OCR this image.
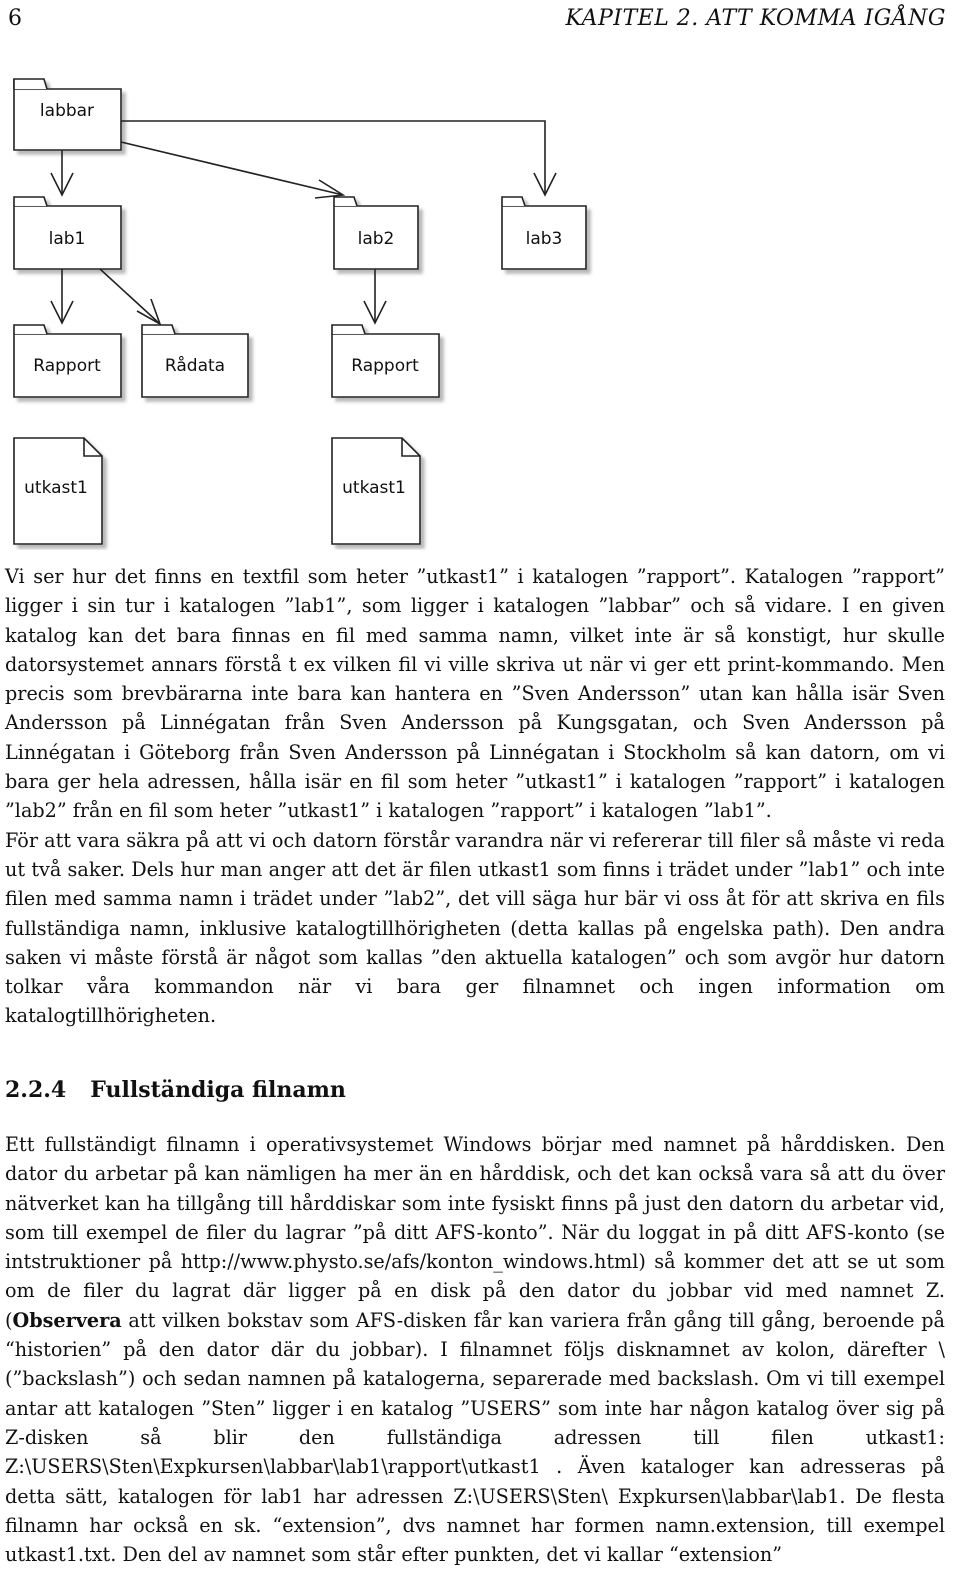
6	KAPITEL 2. ATT KOMMA IGÅNG
labbar
lab1	lab2	lab3
Rapport	Rådata	Rapport
utkast1	utkast1

Vi ser hur det finns en textfil som heter ”utkast1” i katalogen ”rapport”. Katalogen ”rapport” ligger i sin tur i katalogen ”lab1”, som ligger i katalogen ”labbar” och så vidare. I en given katalog kan det bara finnas en fil med samma namn, vilket inte är så konstigt, hur skulle datorsystemet annars förstå t ex vilken fil vi ville skriva ut när vi ger ett print-kommando. Men precis som brevbärarna inte bara kan hantera en ”Sven Andersson” utan kan hålla isär Sven Andersson på Linnégatan från Sven Andersson på Kungsgatan, och Sven Andersson på Linnégatan i Göteborg från Sven Andersson på Linnégatan i Stockholm så kan datorn, om vi bara ger hela adressen, hålla isär en fil som heter ”utkast1” i katalogen ”rapport” i katalogen ”lab2” från en fil som heter ”utkast1” i katalogen ”rapport” i katalogen ”lab1”.

För att vara säkra på att vi och datorn förstår varandra när vi refererar till filer så måste vi reda ut två saker. Dels hur man anger att det är filen utkast1 som finns i trädet under ”lab1” och inte filen med samma namn i trädet under ”lab2”, det vill säga hur bär vi oss åt för att skriva en fils fullständiga namn, inklusive katalogtillhörigheten (detta kallas på engelska path). Den andra saken vi måste förstå är något som kallas ”den aktuella katalogen” och som avgör hur datorn tolkar våra kommandon när vi bara ger filnamnet och ingen information om katalogtillhörigheten.

2.2.4 Fullständiga filnamn

Ett fullständigt filnamn i operativsystemet Windows börjar med namnet på hårddisken. Den dator du arbetar på kan nämligen ha mer än en hårddisk, och det kan också vara så att du över nätverket kan ha tillgång till hårddiskar som inte fysiskt finns på just den datorn du arbetar vid, som till exempel de filer du lagrar ”på ditt AFS-konto”. När du loggat in på ditt AFS-konto (se intstruktioner på http://www.physto.se/afs/konton_windows.html) så kommer det att se ut som om de filer du lagrat där ligger på en disk på den dator du jobbar vid med namnet Z. (Observera att vilken bokstav som AFS-disken får kan variera från gång till gång, beroende på “historien” på den dator där du jobbar). I filnamnet följs disknamnet av kolon, därefter \ (”backslash”) och sedan namnen på katalogerna, separerade med backslash. Om vi till exempel antar att katalogen ”Sten” ligger i en katalog ”USERS” som inte har någon katalog över sig på Z-disken så blir den fullständiga adressen till filen utkast1: Z:\USERS\Sten\Expkursen\labbar\lab1\rapport\utkast1 . Även kataloger kan adresseras på detta sätt, katalogen för lab1 har adressen Z:\USERS\Sten\ Expkursen\labbar\lab1. De flesta filnamn har också en sk. “extension”, dvs namnet har formen namn.extension, till exempel utkast1.txt. Den del av namnet som står efter punkten, det vi kallar “extension”
